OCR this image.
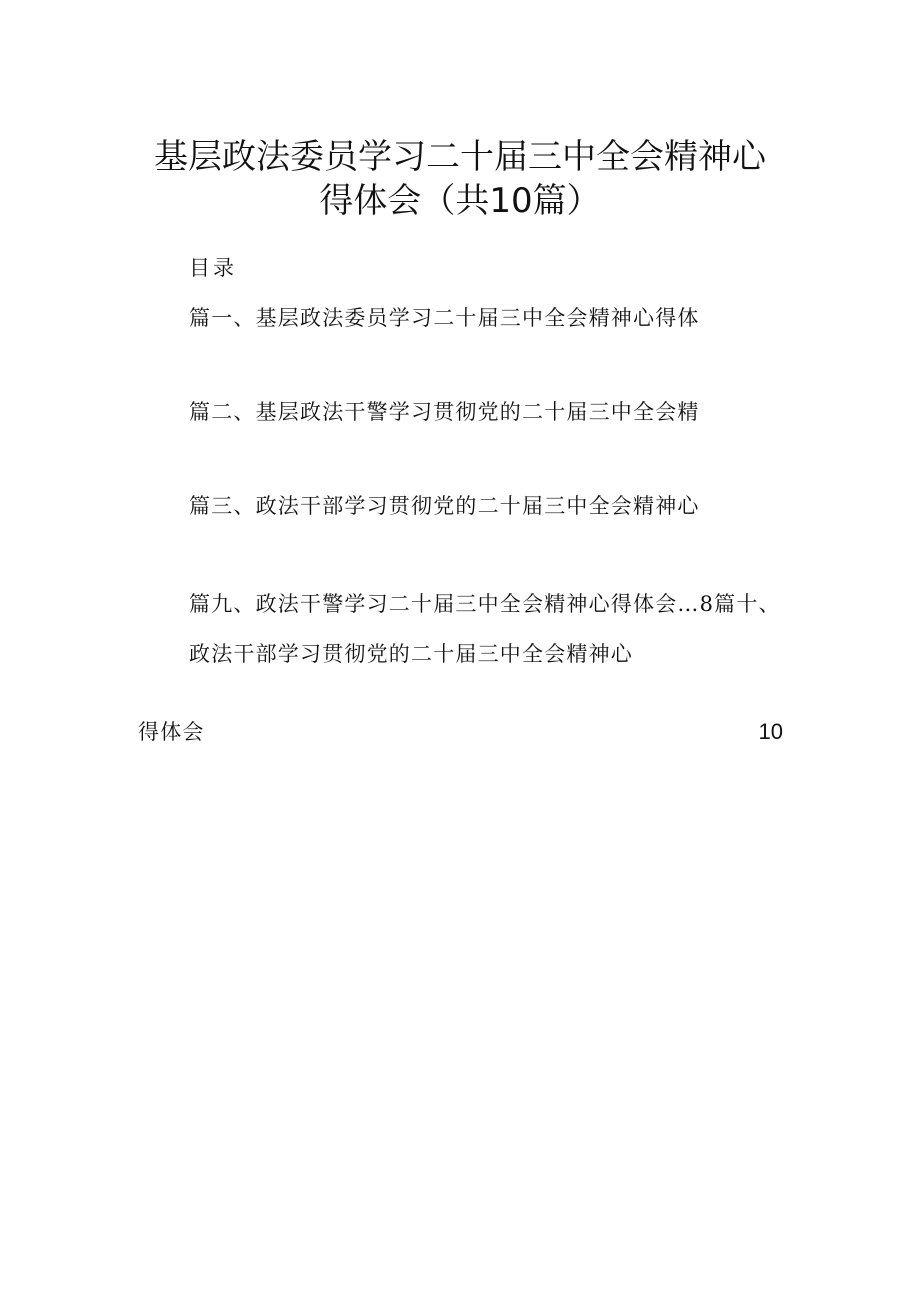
基层政法委员学习二十届三中全会精神心
得体会（共10篇）
目录
篇一、基层政法委员学习二十届三中全会精神心得体
篇二、基层政法干警学习贯彻党的二十届三中全会精
篇三、政法干部学习贯彻党的二十届三中全会精神心
篇九、政法干警学习二十届三中全会精神心得体会…8篇十、
政法干部学习贯彻党的二十届三中全会精神心
得体会	10
